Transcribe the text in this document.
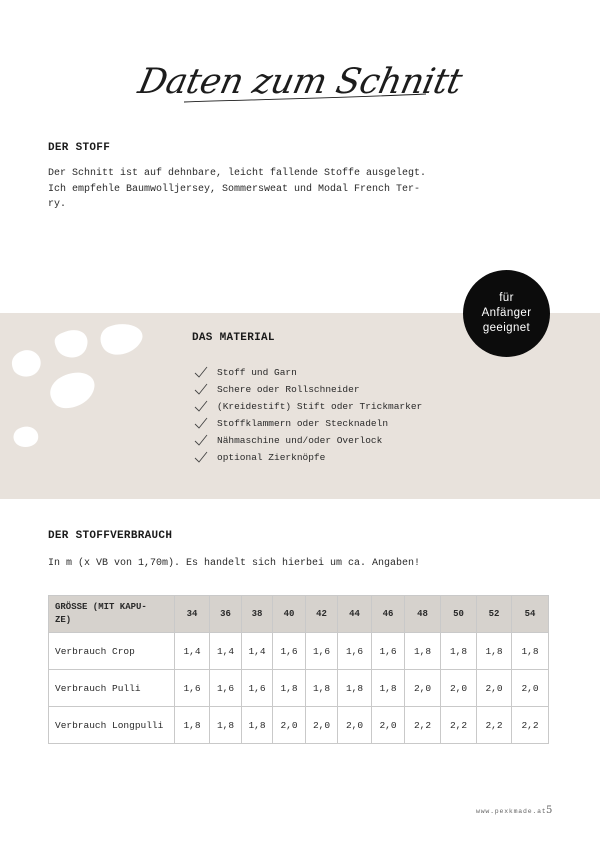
Daten zum Schnitt
DER STOFF
Der Schnitt ist auf dehnbare, leicht fallende Stoffe ausgelegt.
Ich empfehle Baumwolljersey, Sommersweat und Modal French Ter-
ry.
für
Anfänger
geeignet
DAS MATERIAL
Stoff und Garn
Schere oder Rollschneider
(Kreidestift) Stift oder Trickmarker
Stoffklammern oder Stecknadeln
Nähmaschine und/oder Overlock
optional Zierknöpfe
DER STOFFVERBRAUCH
In m (x VB von 1,70m). Es handelt sich hierbei um ca. Angaben!
GRÖSSE (MIT KAPU-
ZE)	34	36	38	40	42	44	46	48	50	52	54
Verbrauch Crop	1,4	1,4	1,4	1,6	1,6	1,6	1,6	1,8	1,8	1,8	1,8
Verbrauch Pulli	1,6	1,6	1,6	1,8	1,8	1,8	1,8	2,0	2,0	2,0	2,0
Verbrauch Longpulli	1,8	1,8	1,8	2,0	2,0	2,0	2,0	2,2	2,2	2,2	2,2
www.pexkmade.at 5
